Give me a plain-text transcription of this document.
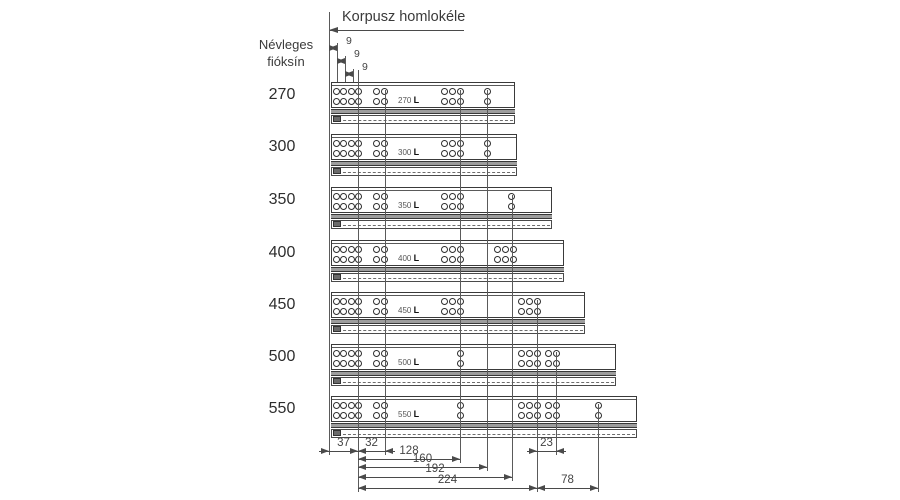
Korpusz homlokéle
Névleges
fióksín
270	270 L
300	300 L
350	350 L
400	400 L
450	450 L
500	500 L
550	550 L
9
9
9
37 32	23
128
160
192
224	78
